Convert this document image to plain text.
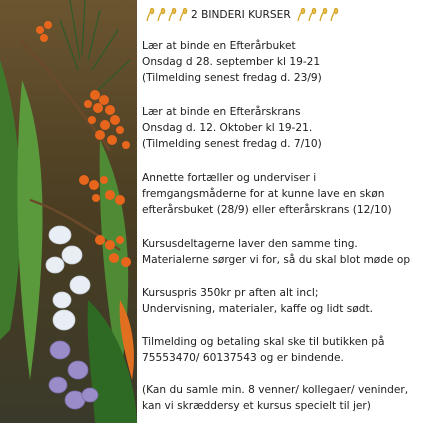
2 BINDERI KURSER
Lær at binde en Efterårbuket
Onsdag d 28. september kl 19-21
(Tilmelding senest fredag d. 23/9)
Lær at binde en Efterårskrans
Onsdag d. 12. Oktober kl 19-21.
(Tilmelding senest fredag d. 7/10)
Annette fortæller og underviser i
fremgangsmåderne for at kunne lave en skøn
efterårsbuket (28/9) eller efterårskrans (12/10)
Kursusdeltagerne laver den samme ting.
Materialerne sørger vi for, så du skal blot møde op
Kursuspris 350kr pr aften alt incl;
Undervisning, materialer, kaffe og lidt sødt.
Tilmelding og betaling skal ske til butikken på
75553470/ 60137543 og er bindende.
(Kan du samle min. 8 venner/ kollegaer/ veninder,
kan vi skræddersy et kursus specielt til jer)
